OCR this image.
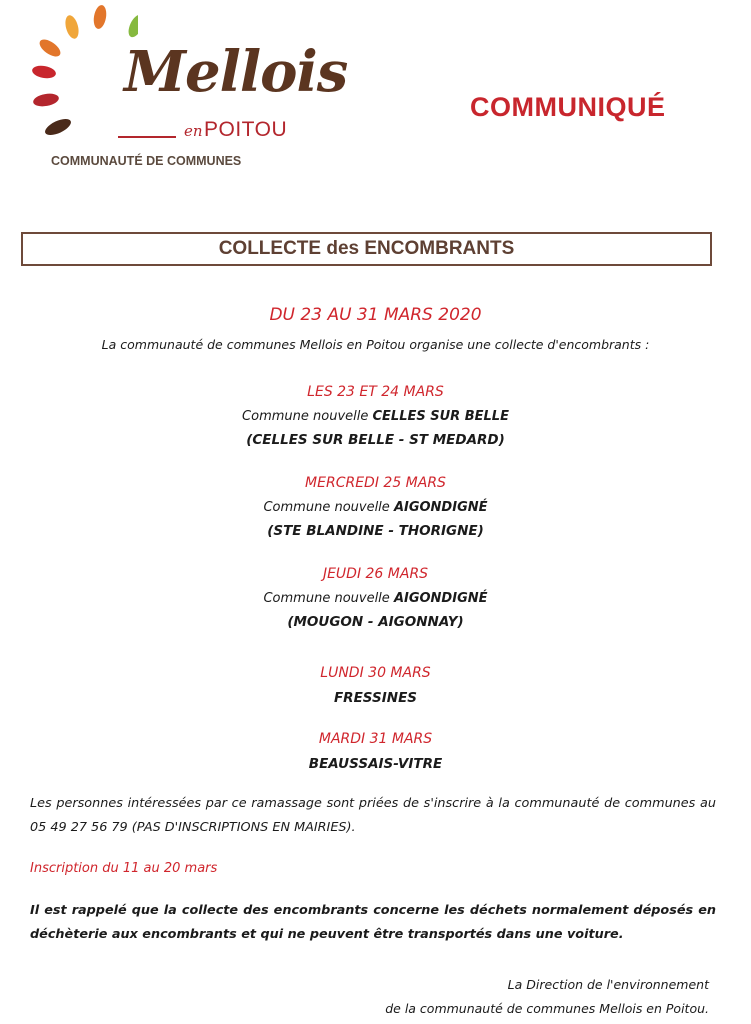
Mellois
en POITOU
COMMUNAUTÉ DE COMMUNES
COMMUNIQUÉ
COLLECTE des ENCOMBRANTS
DU 23 AU 31 MARS 2020
La communauté de communes Mellois en Poitou organise une collecte d'encombrants :
LES 23 ET 24 MARS
Commune nouvelle CELLES SUR BELLE
(CELLES SUR BELLE - ST MEDARD)
MERCREDI 25 MARS
Commune nouvelle AIGONDIGNÉ
(STE BLANDINE - THORIGNE)
JEUDI 26 MARS
Commune nouvelle AIGONDIGNÉ
(MOUGON - AIGONNAY)
LUNDI 30 MARS
FRESSINES
MARDI 31 MARS
BEAUSSAIS-VITRE
Les personnes intéressées par ce ramassage sont priées de s'inscrire à la communauté de communes au 05 49 27 56 79 (PAS D'INSCRIPTIONS EN MAIRIES).
Inscription du 11 au 20 mars
Il est rappelé que la collecte des encombrants concerne les déchets normalement déposés en déchèterie aux encombrants et qui ne peuvent être transportés dans une voiture.
La Direction de l'environnement
de la communauté de communes Mellois en Poitou.
